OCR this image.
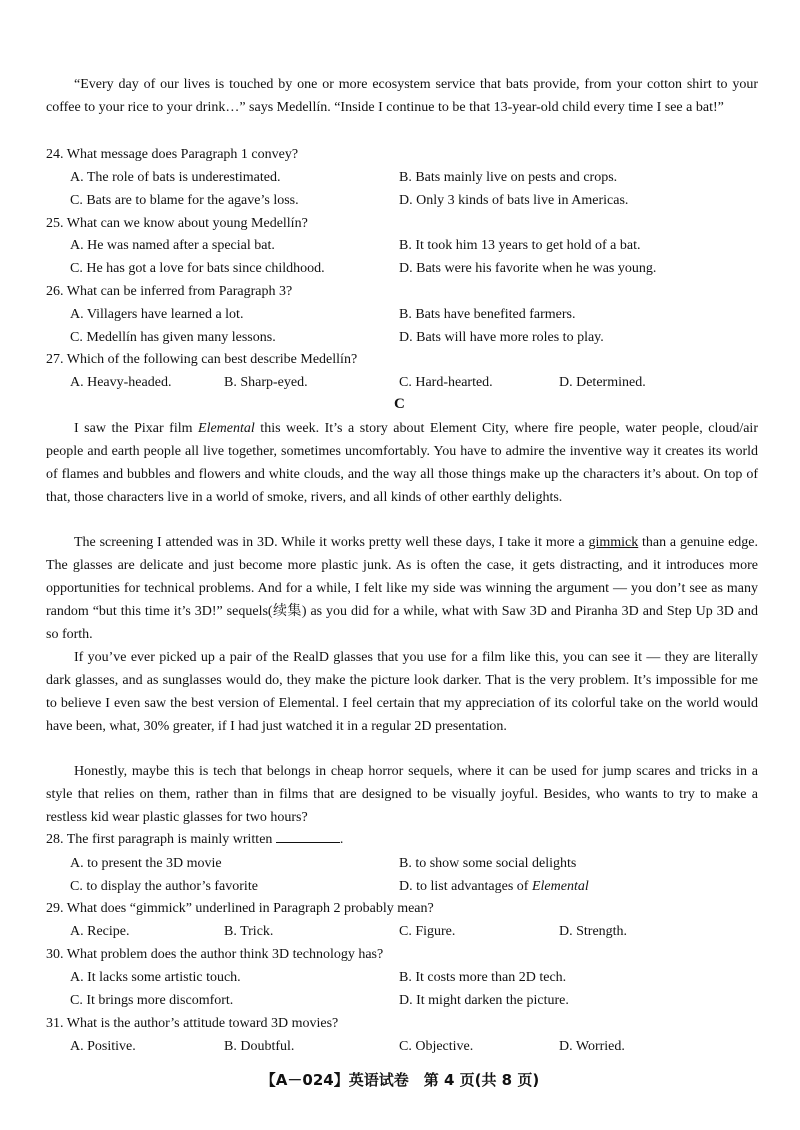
“Every day of our lives is touched by one or more ecosystem service that bats provide, from your cotton shirt to your coffee to your rice to your drink…” says Medellín. “Inside I continue to be that 13-year-old child every time I see a bat!”

24. What message does Paragraph 1 convey?
A. The role of bats is underestimated.	B. Bats mainly live on pests and crops.
C. Bats are to blame for the agave’s loss.	D. Only 3 kinds of bats live in Americas.
25. What can we know about young Medellín?
A. He was named after a special bat.	B. It took him 13 years to get hold of a bat.
C. He has got a love for bats since childhood.	D. Bats were his favorite when he was young.
26. What can be inferred from Paragraph 3?
A. Villagers have learned a lot.	B. Bats have benefited farmers.
C. Medellín has given many lessons.	D. Bats will have more roles to play.
27. Which of the following can best describe Medellín?
A. Heavy-headed.	B. Sharp-eyed.	C. Hard-hearted.	D. Determined.
C

I saw the Pixar film Elemental this week. It’s a story about Element City, where fire people, water people, cloud/air people and earth people all live together, sometimes uncomfortably. You have to admire the inventive way it creates its world of flames and bubbles and flowers and white clouds, and the way all those things make up the characters it’s about. On top of that, those characters live in a world of smoke, rivers, and all kinds of other earthly delights.

The screening I attended was in 3D. While it works pretty well these days, I take it more a gimmick than a genuine edge. The glasses are delicate and just become more plastic junk. As is often the case, it gets distracting, and it introduces more opportunities for technical problems. And for a while, I felt like my side was winning the argument — you don’t see as many random “but this time it’s 3D!” sequels(续集) as you did for a while, what with Saw 3D and Piranha 3D and Step Up 3D and so forth.

If you’ve ever picked up a pair of the RealD glasses that you use for a film like this, you can see it — they are literally dark glasses, and as sunglasses would do, they make the picture look darker. That is the very problem. It’s impossible for me to believe I even saw the best version of Elemental. I feel certain that my appreciation of its colorful take on the world would have been, what, 30% greater, if I had just watched it in a regular 2D presentation.

Honestly, maybe this is tech that belongs in cheap horror sequels, where it can be used for jump scares and tricks in a style that relies on them, rather than in films that are designed to be visually joyful. Besides, who wants to try to make a restless kid wear plastic glasses for two hours?

28. The first paragraph is mainly written	.
A. to present the 3D movie	B. to show some social delights
C. to display the author’s favorite	D. to list advantages of Elemental
29. What does “gimmick” underlined in Paragraph 2 probably mean?
A. Recipe.	B. Trick.	C. Figure.	D. Strength.
30. What problem does the author think 3D technology has?
A. It lacks some artistic touch.	B. It costs more than 2D tech.
C. It brings more discomfort.	D. It might darken the picture.
31. What is the author’s attitude toward 3D movies?
A. Positive.	B. Doubtful.	C. Objective.	D. Worried.
【A－024】英语试卷　第 4 页(共 8 页)
